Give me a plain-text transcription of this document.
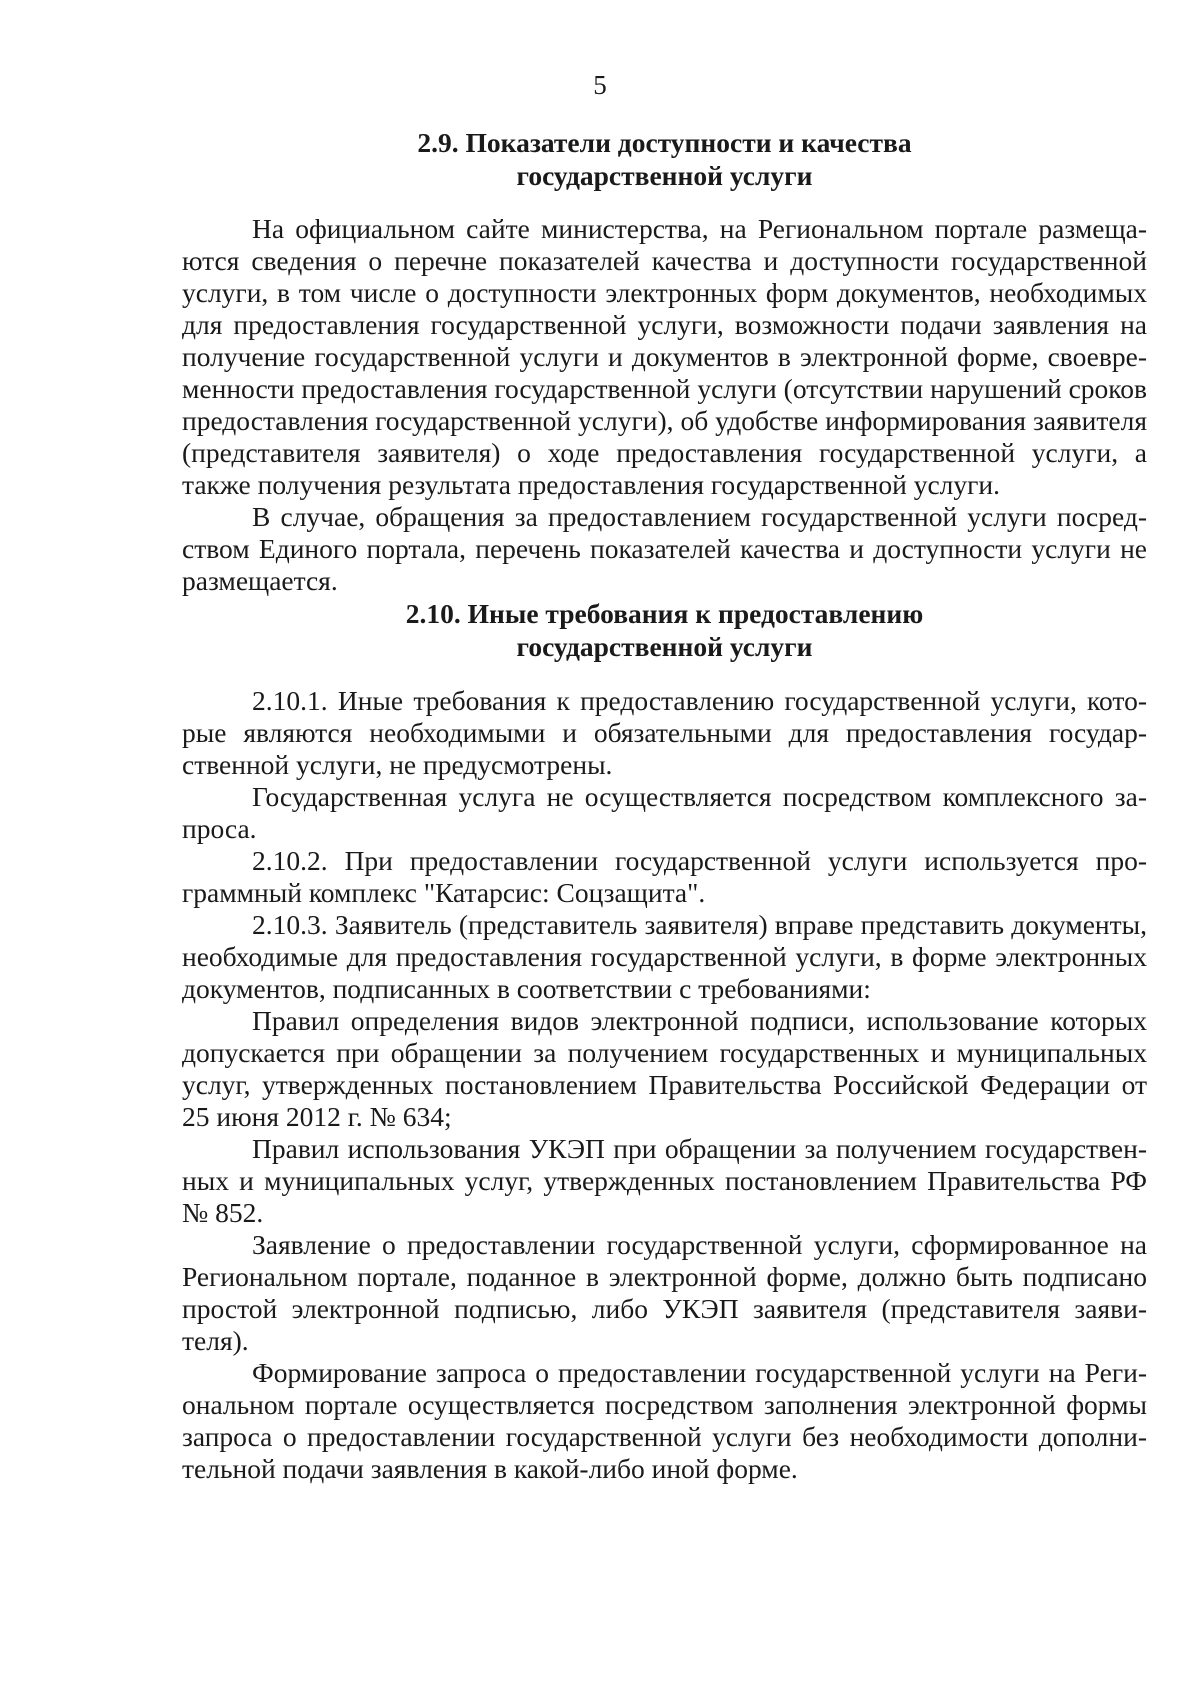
5
2.9. Показатели доступности и качества
государственной услуги

На официальном сайте министерства, на Региональном портале размещаются сведения о перечне показателей качества и доступности государственной услуги, в том числе о доступности электронных форм документов, необходимых для предоставления государственной услуги, возможности подачи заявления на получение государственной услуги и документов в электронной форме, своевременности предоставления государственной услуги (отсутствии нарушений сроков предоставления государственной услуги), об удобстве информирования заявителя (представителя заявителя) о ходе предоставления государственной услуги, а также получения результата предоставления государственной услуги.

В случае, обращения за предоставлением государственной услуги посредством Единого портала, перечень показателей качества и доступности услуги не размещается.

2.10. Иные требования к предоставлению
государственной услуги

2.10.1. Иные требования к предоставлению государственной услуги, которые являются необходимыми и обязательными для предоставления государственной услуги, не предусмотрены.

Государственная услуга не осуществляется посредством комплексного запроса.

2.10.2. При предоставлении государственной услуги используется программный комплекс "Катарсис: Соцзащита".

2.10.3. Заявитель (представитель заявителя) вправе представить документы, необходимые для предоставления государственной услуги, в форме электронных документов, подписанных в соответствии с требованиями:

Правил определения видов электронной подписи, использование которых допускается при обращении за получением государственных и муниципальных услуг, утвержденных постановлением Правительства Российской Федерации от 25 июня 2012 г. № 634;

Правил использования УКЭП при обращении за получением государственных и муниципальных услуг, утвержденных постановлением Правительства РФ № 852.

Заявление о предоставлении государственной услуги, сформированное на Региональном портале, поданное в электронной форме, должно быть подписано простой электронной подписью, либо УКЭП заявителя (представителя заявителя).

Формирование запроса о предоставлении государственной услуги на Региональном портале осуществляется посредством заполнения электронной формы запроса о предоставлении государственной услуги без необходимости дополнительной подачи заявления в какой-либо иной форме.
